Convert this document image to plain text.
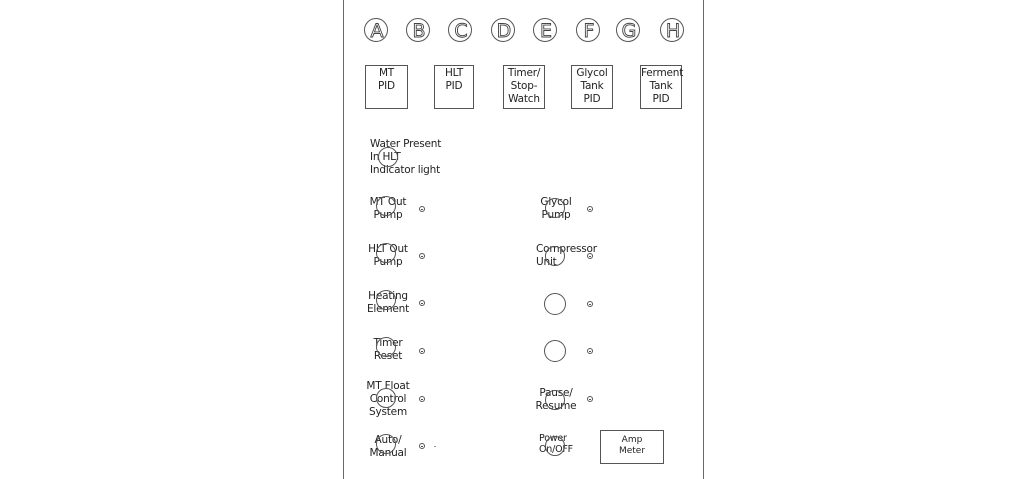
A B C D E F G H
MT
PID
HLT
PID
Timer/
Stop-
Watch
Glycol
Tank
PID
Ferment
Tank
PID
Water Present
In HLT
Indicator light
MT Out
Pump
HLT Out
Pump
Heating
Element
Timer
Reset
MT Float
Control
System
Auto/
Manual
Glycol
Pump
Compressor
Unit
Pause/
Resume
Power
On/OFF
Amp
Meter
